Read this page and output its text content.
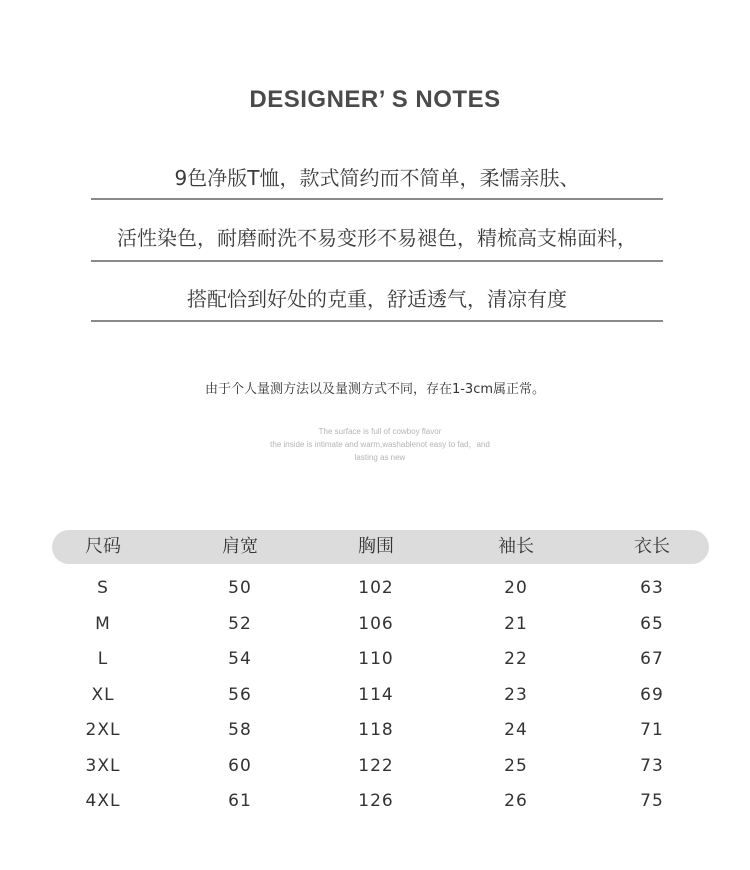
DESIGNER’ S NOTES
9色净版T恤，款式简约而不简单，柔懦亲肤、
活性染色，耐磨耐洗不易变形不易褪色，精梳高支棉面料，
搭配恰到好处的克重，舒适透气，清凉有度
由于个人量测方法以及量测方式不同，存在1-3cm属正常。
The surface is full of cowboy flavor
the inside is intimate and warm,washablenot easy to fad，and
lasting as new
尺码	肩宽	胸围	袖长	衣长
S	50	102	20	63
M	52	106	21	65
L	54	110	22	67
XL	56	114	23	69
2XL	58	118	24	71
3XL	60	122	25	73
4XL	61	126	26	75
